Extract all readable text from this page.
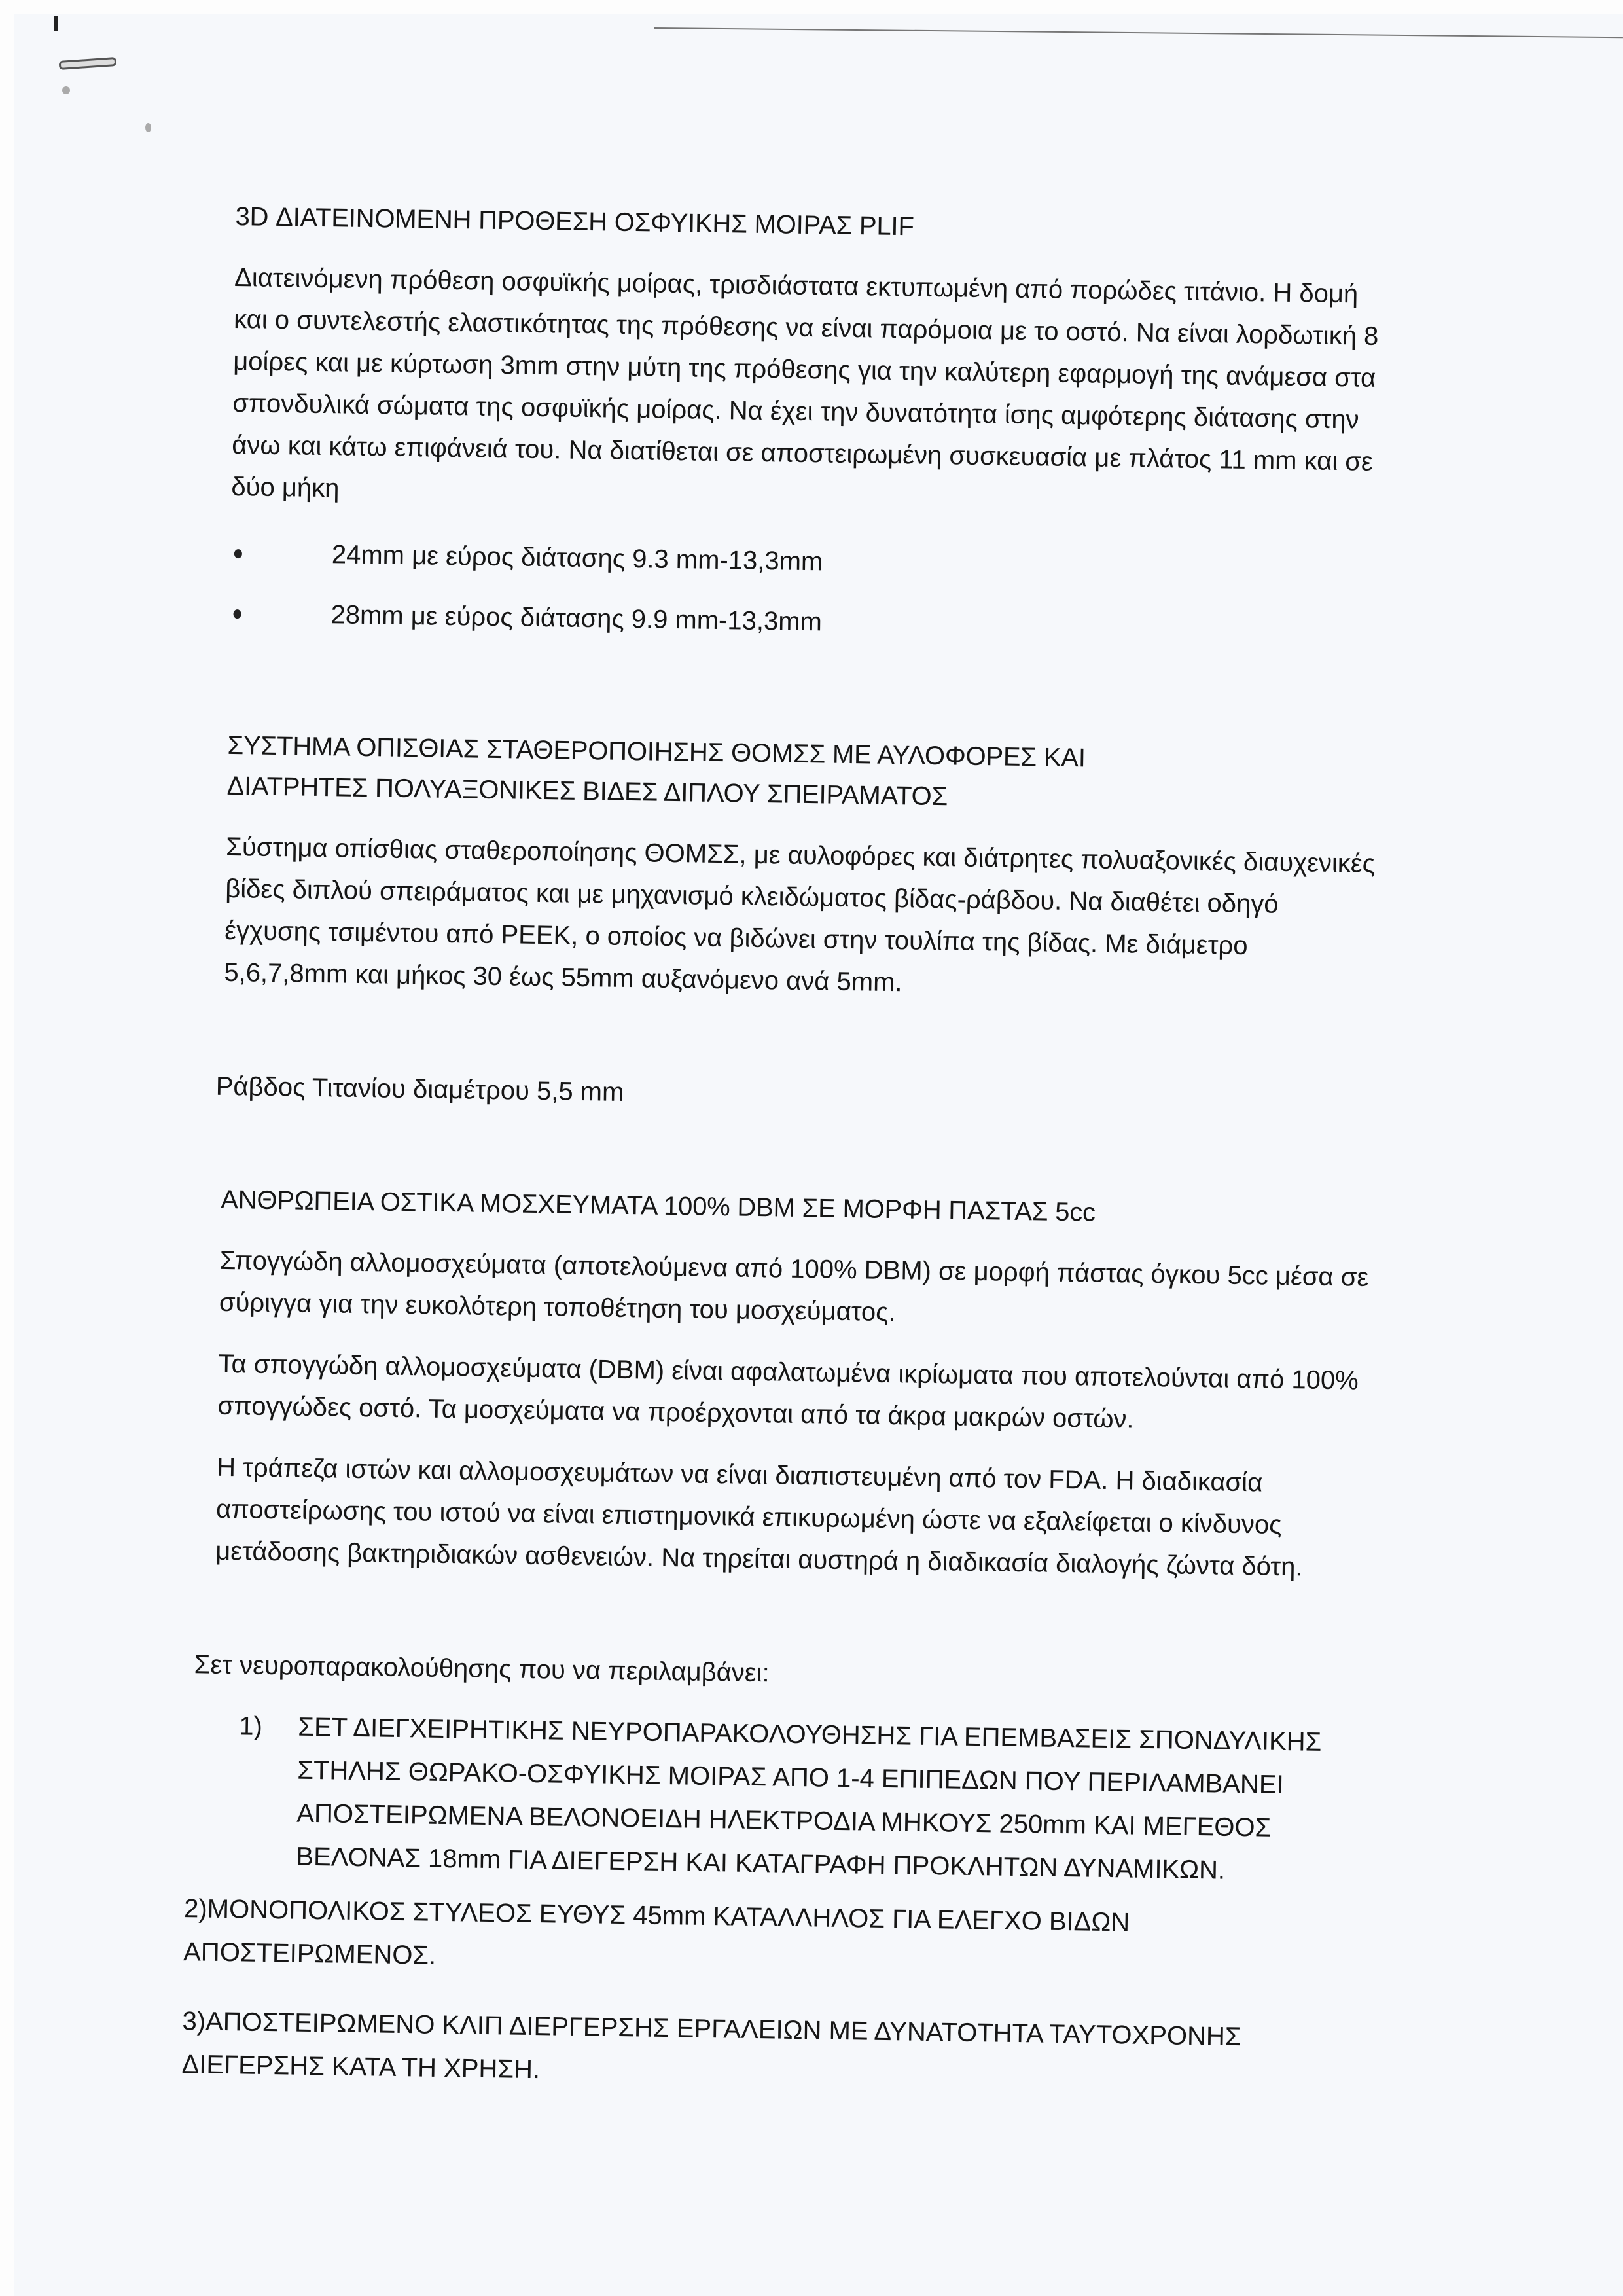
3D ΔΙΑΤΕΙΝΟΜΕΝΗ ΠΡΟΘΕΣΗ ΟΣΦΥΙΚΗΣ ΜΟΙΡΑΣ PLIF

Διατεινόμενη πρόθεση οσφυϊκής μοίρας, τρισδιάστατα εκτυπωμένη από πορώδες τιτάνιο. Η δομή και ο συντελεστής ελαστικότητας της πρόθεσης να είναι παρόμοια με το οστό. Να είναι λορδωτική 8 μοίρες και με κύρτωση 3mm στην μύτη της πρόθεσης για την καλύτερη εφαρμογή της ανάμεσα στα σπονδυλικά σώματα της οσφυϊκής μοίρας. Να έχει την δυνατότητα ίσης αμφότερης διάτασης στην άνω και κάτω επιφάνειά του. Να διατίθεται σε αποστειρωμένη συσκευασία με πλάτος 11 mm και σε δύο μήκη

24mm με εύρος διάτασης 9.3 mm-13,3mm
28mm με εύρος διάτασης 9.9 mm-13,3mm
ΣΥΣΤΗΜΑ ΟΠΙΣΘΙΑΣ ΣΤΑΘΕΡΟΠΟΙΗΣΗΣ ΘΟΜΣΣ ΜΕ ΑΥΛΟΦΟΡΕΣ ΚΑΙ ΔΙΑΤΡΗΤΕΣ ΠΟΛΥΑΞΟΝΙΚΕΣ ΒΙΔΕΣ ΔΙΠΛΟΥ ΣΠΕΙΡΑΜΑΤΟΣ

Σύστημα οπίσθιας σταθεροποίησης ΘΟΜΣΣ, με αυλοφόρες και διάτρητες πολυαξονικές διαυχενικές βίδες διπλού σπειράματος και με μηχανισμό κλειδώματος βίδας-ράβδου. Να διαθέτει οδηγό έγχυσης τσιμέντου από PEEK, ο οποίος να βιδώνει στην τουλίπα της βίδας. Με διάμετρο 5,6,7,8mm και μήκος 30 έως 55mm αυξανόμενο ανά 5mm.

Ράβδος Τιτανίου διαμέτρου 5,5 mm

ΑΝΘΡΩΠΕΙΑ ΟΣΤΙΚΑ ΜΟΣΧΕΥΜΑΤΑ 100% DBM ΣΕ ΜΟΡΦΗ ΠΑΣΤΑΣ 5cc

Σπογγώδη αλλομοσχεύματα (αποτελούμενα από 100% DBM) σε μορφή πάστας όγκου 5cc μέσα σε σύριγγα για την ευκολότερη τοποθέτηση του μοσχεύματος.

Τα σπογγώδη αλλομοσχεύματα (DBM) είναι αφαλατωμένα ικρίωματα που αποτελούνται από 100% σπογγώδες οστό. Τα μοσχεύματα να προέρχονται από τα άκρα μακρών οστών.

Η τράπεζα ιστών και αλλομοσχευμάτων να είναι διαπιστευμένη από τον FDA. Η διαδικασία αποστείρωσης του ιστού να είναι επιστημονικά επικυρωμένη ώστε να εξαλείφεται ο κίνδυνος μετάδοσης βακτηριδιακών ασθενειών. Να τηρείται αυστηρά η διαδικασία διαλογής ζώντα δότη.

Σετ νευροπαρακολούθησης που να περιλαμβάνει:

1) ΣΕΤ ΔΙΕΓΧΕΙΡΗΤΙΚΗΣ ΝΕΥΡΟΠΑΡΑΚΟΛΟΥΘΗΣΗΣ ΓΙΑ ΕΠΕΜΒΑΣΕΙΣ ΣΠΟΝΔΥΛΙΚΗΣ ΣΤΗΛΗΣ ΘΩΡΑΚΟ-ΟΣΦΥΙΚΗΣ ΜΟΙΡΑΣ ΑΠΟ 1-4 ΕΠΙΠΕΔΩΝ ΠΟΥ ΠΕΡΙΛΑΜΒΑΝΕΙ ΑΠΟΣΤΕΙΡΩΜΕΝΑ ΒΕΛΟΝΟΕΙΔΗ ΗΛΕΚΤΡΟΔΙΑ ΜΗΚΟΥΣ 250mm ΚΑΙ ΜΕΓΕΘΟΣ ΒΕΛΟΝΑΣ 18mm ΓΙΑ ΔΙΕΓΕΡΣΗ ΚΑΙ ΚΑΤΑΓΡΑΦΗ ΠΡΟΚΛΗΤΩΝ ΔΥΝΑΜΙΚΩΝ.

2)ΜΟΝΟΠΟΛΙΚΟΣ ΣΤΥΛΕΟΣ ΕΥΘΥΣ 45mm ΚΑΤΑΛΛΗΛΟΣ ΓΙΑ ΕΛΕΓΧΟ ΒΙΔΩΝ ΑΠΟΣΤΕΙΡΩΜΕΝΟΣ.

3)ΑΠΟΣΤΕΙΡΩΜΕΝΟ ΚΛΙΠ ΔΙΕΡΓΕΡΣΗΣ ΕΡΓΑΛΕΙΩΝ ΜΕ ΔΥΝΑΤΟΤΗΤΑ ΤΑΥΤΟΧΡΟΝΗΣ ΔΙΕΓΕΡΣΗΣ ΚΑΤΑ ΤΗ ΧΡΗΣΗ.
